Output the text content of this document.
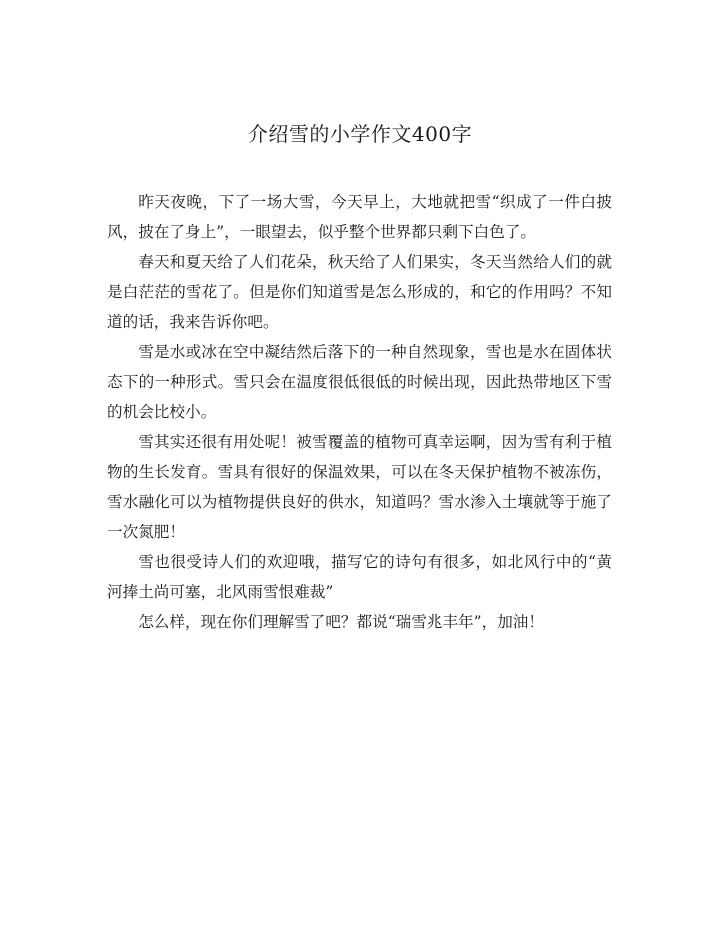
介绍雪的小学作文400字

昨天夜晚，下了一场大雪，今天早上，大地就把雪“织成了一件白披风，披在了身上”，一眼望去，似乎整个世界都只剩下白色了。

春天和夏天给了人们花朵，秋天给了人们果实，冬天当然给人们的就是白茫茫的雪花了。但是你们知道雪是怎么形成的，和它的作用吗？不知道的话，我来告诉你吧。

雪是水或冰在空中凝结然后落下的一种自然现象，雪也是水在固体状态下的一种形式。雪只会在温度很低很低的时候出现，因此热带地区下雪的机会比校小。

雪其实还很有用处呢！被雪覆盖的植物可真幸运啊，因为雪有利于植物的生长发育。雪具有很好的保温效果，可以在冬天保护植物不被冻伤，雪水融化可以为植物提供良好的供水，知道吗？雪水渗入土壤就等于施了一次氮肥！

雪也很受诗人们的欢迎哦，描写它的诗句有很多，如北风行中的“黄河捧土尚可塞，北风雨雪恨难裁”

怎么样，现在你们理解雪了吧？都说“瑞雪兆丰年”，加油！
